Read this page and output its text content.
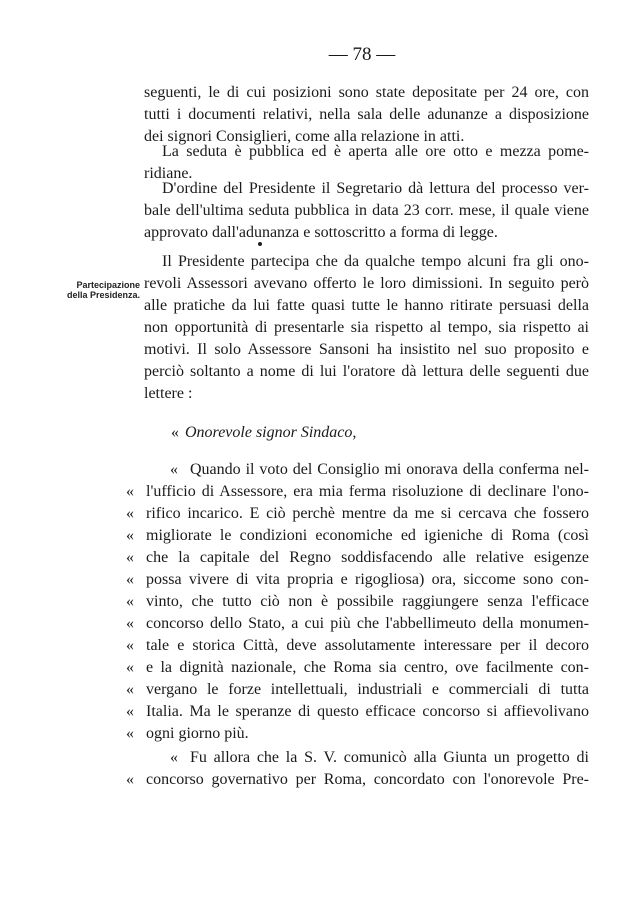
— 78 —
seguenti, le di cui posizioni sono state depositate per 24 ore, con
tutti i documenti relativi, nella sala delle adunanze a disposizione
dei signori Consiglieri, come alla relazione in atti.
La seduta è pubblica ed è aperta alle ore otto e mezza pome-
ridiane.
D'ordine del Presidente il Segretario dà lettura del processo ver-
bale dell'ultima seduta pubblica in data 23 corr. mese, il quale viene
approvato dall'adunanza e sottoscritto a forma di legge.
Partecipazione
della Presidenza.
Il Presidente partecipa che da qualche tempo alcuni fra gli ono-
revoli Assessori avevano offerto le loro dimissioni. In seguito però
alle pratiche da lui fatte quasi tutte le hanno ritirate persuasi della
non opportunità di presentarle sia rispetto al tempo, sia rispetto ai
motivi. Il solo Assessore Sansoni ha insistito nel suo proposito e
perciò soltanto a nome di lui l'oratore dà lettura delle seguenti due
lettere :
« Onorevole signor Sindaco,
« Quando il voto del Consiglio mi onorava della conferma nel-
« l'ufficio di Assessore, era mia ferma risoluzione di declinare l'ono-
« rifico incarico. E ciò perchè mentre da me si cercava che fossero
« migliorate le condizioni economiche ed igieniche di Roma (così
« che la capitale del Regno soddisfacendo alle relative esigenze
« possa vivere di vita propria e rigogliosa) ora, siccome sono con-
« vinto, che tutto ciò non è possibile raggiungere senza l'efficace
« concorso dello Stato, a cui più che l'abbellimeuto della monumen-
« tale e storica Città, deve assolutamente interessare per il decoro
« e la dignità nazionale, che Roma sia centro, ove facilmente con-
« vergano le forze intellettuali, industriali e commerciali di tutta
« Italia. Ma le speranze di questo efficace concorso si affievolivano
« ogni giorno più.
« Fu allora che la S. V. comunicò alla Giunta un progetto di
« concorso governativo per Roma, concordato con l'onorevole Pre-
